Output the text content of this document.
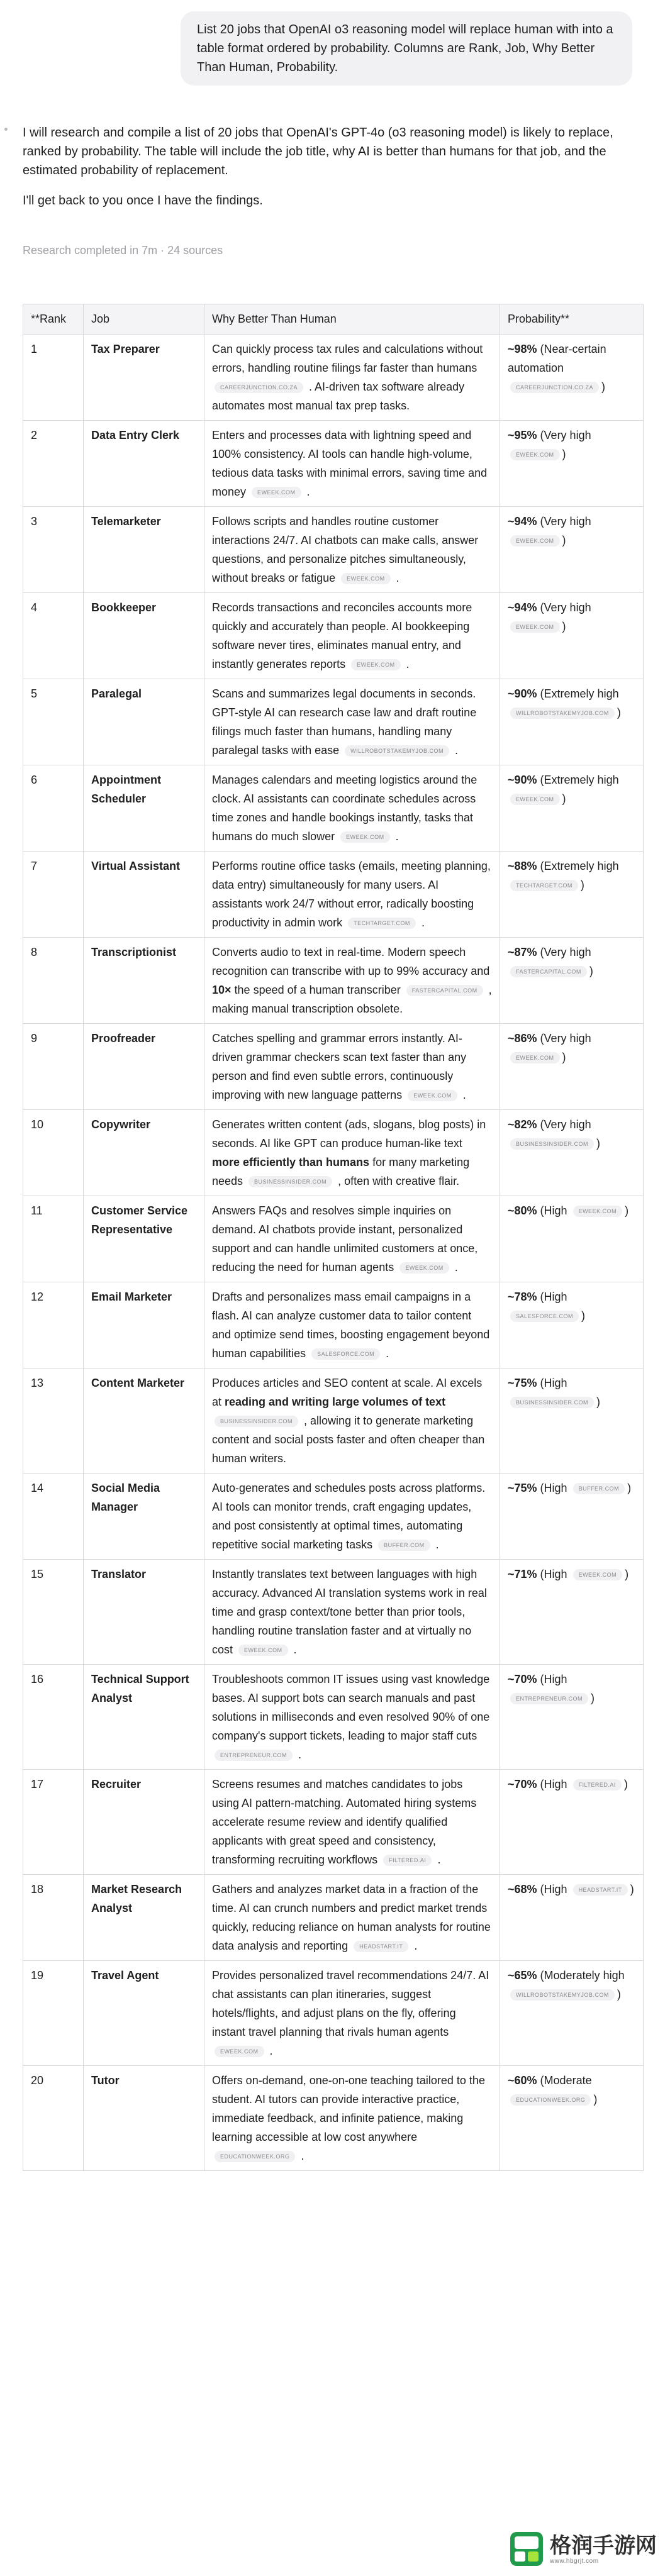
List 20 jobs that OpenAI o3 reasoning model will replace human with into a table format ordered by probability. Columns are Rank, Job, Why Better Than Human, Probability.

I will research and compile a list of 20 jobs that OpenAI's GPT-4o (o3 reasoning model) is likely to replace, ranked by probability. The table will include the job title, why AI is better than humans for that job, and the estimated probability of replacement.

I'll get back to you once I have the findings.

Research completed in 7m · 24 sources
**Rank	Job	Why Better Than Human	Probability**
1	Tax Preparer	Can quickly process tax rules and calculations without errors, handling routine filings far faster than humans CAREERJUNCTION.CO.ZA . AI-driven tax software already automates most manual tax prep tasks.	~98% (Near-certain automation CAREERJUNCTION.CO.ZA )
2	Data Entry Clerk	Enters and processes data with lightning speed and 100% consistency. AI tools can handle high-volume, tedious data tasks with minimal errors, saving time and money EWEEK.COM .	~95% (Very high EWEEK.COM )
3	Telemarketer	Follows scripts and handles routine customer interactions 24/7. AI chatbots can make calls, answer questions, and personalize pitches simultaneously, without breaks or fatigue EWEEK.COM .	~94% (Very high EWEEK.COM )
4	Bookkeeper	Records transactions and reconciles accounts more quickly and accurately than people. AI bookkeeping software never tires, eliminates manual entry, and instantly generates reports EWEEK.COM .	~94% (Very high EWEEK.COM )
5	Paralegal	Scans and summarizes legal documents in seconds. GPT-style AI can research case law and draft routine filings much faster than humans, handling many paralegal tasks with ease WILLROBOTSTAKEMYJOB.COM .	~90% (Extremely high WILLROBOTSTAKEMYJOB.COM )
6	Appointment Scheduler	Manages calendars and meeting logistics around the clock. AI assistants can coordinate schedules across time zones and handle bookings instantly, tasks that humans do much slower EWEEK.COM .	~90% (Extremely high EWEEK.COM )
7	Virtual Assistant	Performs routine office tasks (emails, meeting planning, data entry) simultaneously for many users. AI assistants work 24/7 without error, radically boosting productivity in admin work TECHTARGET.COM .	~88% (Extremely high TECHTARGET.COM )
8	Transcriptionist	Converts audio to text in real-time. Modern speech recognition can transcribe with up to 99% accuracy and 10× the speed of a human transcriber FASTERCAPITAL.COM , making manual transcription obsolete.	~87% (Very high FASTERCAPITAL.COM )
9	Proofreader	Catches spelling and grammar errors instantly. AI-driven grammar checkers scan text faster than any person and find even subtle errors, continuously improving with new language patterns EWEEK.COM .	~86% (Very high EWEEK.COM )
10	Copywriter	Generates written content (ads, slogans, blog posts) in seconds. AI like GPT can produce human-like text more efficiently than humans for many marketing needs BUSINESSINSIDER.COM , often with creative flair.	~82% (Very high BUSINESSINSIDER.COM )
11	Customer Service Representative	Answers FAQs and resolves simple inquiries on demand. AI chatbots provide instant, personalized support and can handle unlimited customers at once, reducing the need for human agents EWEEK.COM .	~80% (High EWEEK.COM )
12	Email Marketer	Drafts and personalizes mass email campaigns in a flash. AI can analyze customer data to tailor content and optimize send times, boosting engagement beyond human capabilities SALESFORCE.COM .	~78% (High SALESFORCE.COM )
13	Content Marketer	Produces articles and SEO content at scale. AI excels at reading and writing large volumes of text BUSINESSINSIDER.COM , allowing it to generate marketing content and social posts faster and often cheaper than human writers.	~75% (High BUSINESSINSIDER.COM )
14	Social Media Manager	Auto-generates and schedules posts across platforms. AI tools can monitor trends, craft engaging updates, and post consistently at optimal times, automating repetitive social marketing tasks BUFFER.COM .	~75% (High BUFFER.COM )
15	Translator	Instantly translates text between languages with high accuracy. Advanced AI translation systems work in real time and grasp context/tone better than prior tools, handling routine translation faster and at virtually no cost EWEEK.COM .	~71% (High EWEEK.COM )
16	Technical Support Analyst	Troubleshoots common IT issues using vast knowledge bases. AI support bots can search manuals and past solutions in milliseconds and even resolved 90% of one company's support tickets, leading to major staff cuts ENTREPRENEUR.COM .	~70% (High ENTREPRENEUR.COM )
17	Recruiter	Screens resumes and matches candidates to jobs using AI pattern-matching. Automated hiring systems accelerate resume review and identify qualified applicants with great speed and consistency, transforming recruiting workflows FILTERED.AI .	~70% (High FILTERED.AI )
18	Market Research Analyst	Gathers and analyzes market data in a fraction of the time. AI can crunch numbers and predict market trends quickly, reducing reliance on human analysts for routine data analysis and reporting HEADSTART.IT .	~68% (High HEADSTART.IT )
19	Travel Agent	Provides personalized travel recommendations 24/7. AI chat assistants can plan itineraries, suggest hotels/flights, and adjust plans on the fly, offering instant travel planning that rivals human agents EWEEK.COM .	~65% (Moderately high WILLROBOTSTAKEMYJOB.COM )
20	Tutor	Offers on-demand, one-on-one teaching tailored to the student. AI tutors can provide interactive practice, immediate feedback, and infinite patience, making learning accessible at low cost anywhere EDUCATIONWEEK.ORG .	~60% (Moderate EDUCATIONWEEK.ORG )
格润手游网
www.hbgrjt.com
